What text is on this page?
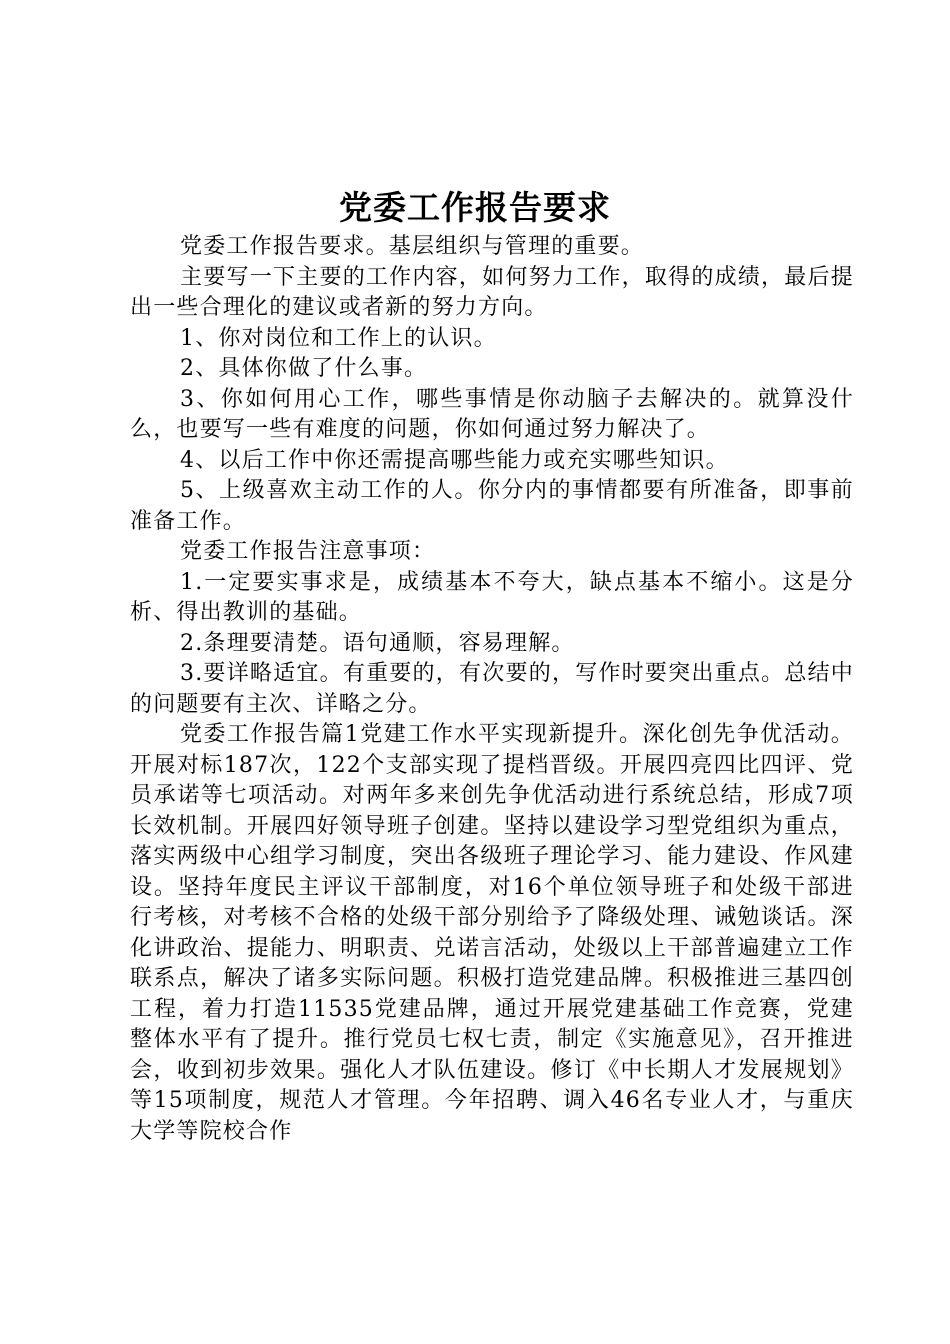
党委工作报告要求

党委工作报告要求。基层组织与管理的重要。

主要写一下主要的工作内容，如何努力工作，取得的成绩，最后提出一些合理化的建议或者新的努力方向。

1、你对岗位和工作上的认识。

2、具体你做了什么事。

3、你如何用心工作，哪些事情是你动脑子去解决的。就算没什么，也要写一些有难度的问题，你如何通过努力解决了。

4、以后工作中你还需提高哪些能力或充实哪些知识。

5、上级喜欢主动工作的人。你分内的事情都要有所准备，即事前准备工作。

党委工作报告注意事项：

1.一定要实事求是，成绩基本不夸大，缺点基本不缩小。这是分析、得出教训的基础。

2.条理要清楚。语句通顺，容易理解。

3.要详略适宜。有重要的，有次要的，写作时要突出重点。总结中的问题要有主次、详略之分。

党委工作报告篇1党建工作水平实现新提升。深化创先争优活动。开展对标187次，122个支部实现了提档晋级。开展四亮四比四评、党员承诺等七项活动。对两年多来创先争优活动进行系统总结，形成7项长效机制。开展四好领导班子创建。坚持以建设学习型党组织为重点，落实两级中心组学习制度，突出各级班子理论学习、能力建设、作风建设。坚持年度民主评议干部制度，对16个单位领导班子和处级干部进行考核，对考核不合格的处级干部分别给予了降级处理、诫勉谈话。深化讲政治、提能力、明职责、兑诺言活动，处级以上干部普遍建立工作联系点，解决了诸多实际问题。积极打造党建品牌。积极推进三基四创工程，着力打造11535党建品牌，通过开展党建基础工作竞赛，党建整体水平有了提升。推行党员七权七责，制定《实施意见》，召开推进会，收到初步效果。强化人才队伍建设。修订《中长期人才发展规划》等15项制度，规范人才管理。今年招聘、调入46名专业人才，与重庆大学等院校合作
